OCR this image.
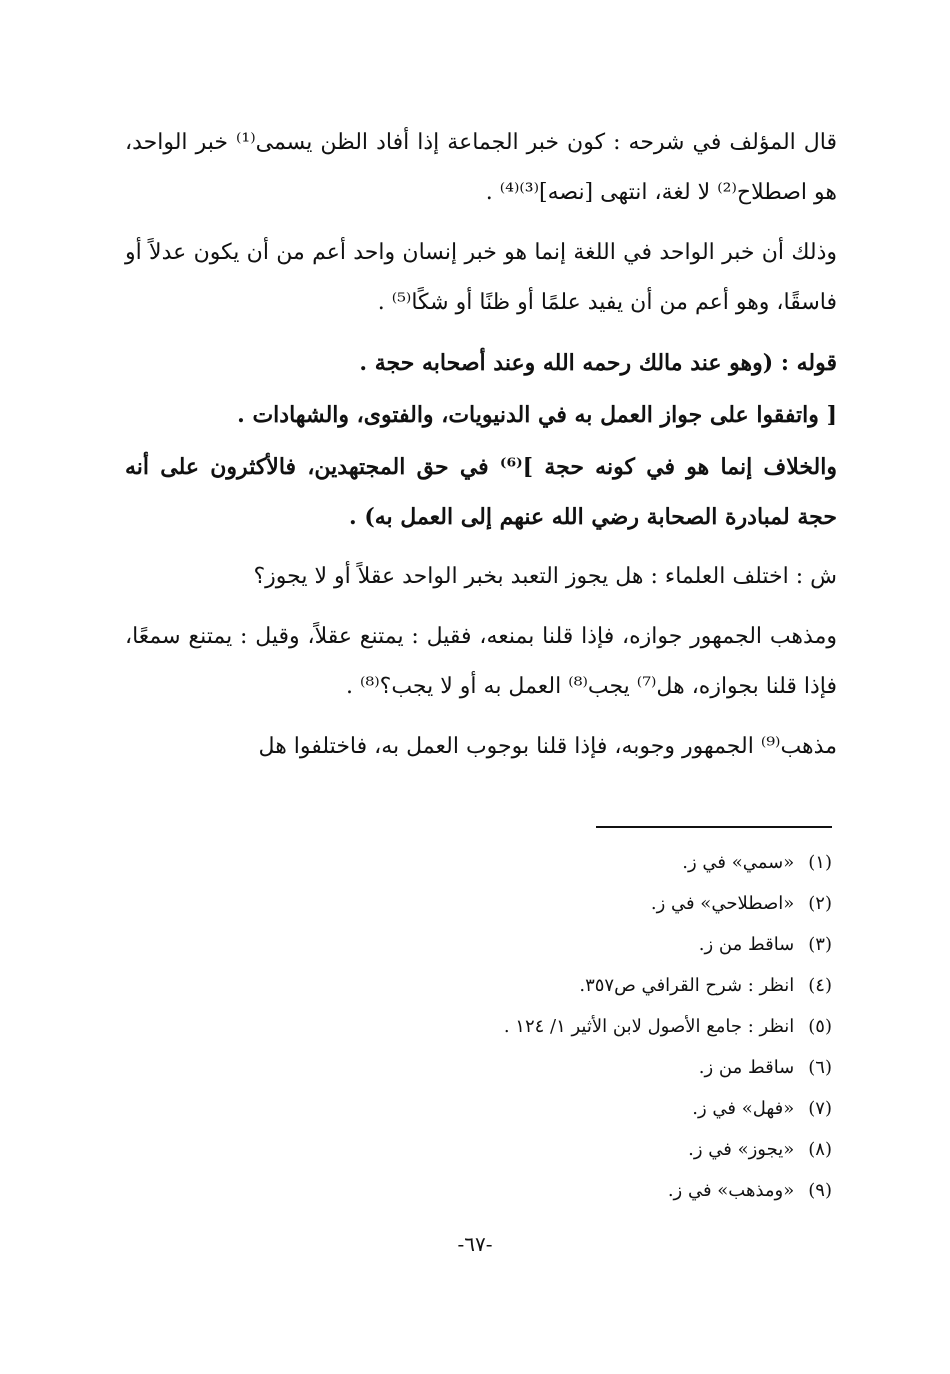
قال المؤلف في شرحه : كون خبر الجماعة إذا أفاد الظن يسمى⁽¹⁾ خبر الواحد، هو اصطلاح⁽²⁾ لا لغة، انتهى [نصه]⁽³⁾⁽⁴⁾ .

وذلك أن خبر الواحد في اللغة إنما هو خبر إنسان واحد أعم من أن يكون عدلاً أو فاسقًا، وهو أعم من أن يفيد علمًا أو ظنًا أو شكًا⁽⁵⁾ .

قوله : (وهو عند مالك رحمه الله وعند أصحابه حجة .

[ واتفقوا على جواز العمل به في الدنيويات، والفتوى، والشهادات .

والخلاف إنما هو في كونه حجة ]⁽⁶⁾ في حق المجتهدين، فالأكثرون على أنه حجة لمبادرة الصحابة رضي الله عنهم إلى العمل به) .

ش : اختلف العلماء : هل يجوز التعبد بخبر الواحد عقلاً أو لا يجوز؟

ومذهب الجمهور جوازه، فإذا قلنا بمنعه، فقيل : يمتنع عقلاً، وقيل : يمتنع سمعًا، فإذا قلنا بجوازه، هل⁽⁷⁾ يجب⁽⁸⁾ العمل به أو لا يجب؟⁽⁸⁾ .

مذهب⁽⁹⁾ الجمهور وجوبه، فإذا قلنا بوجوب العمل به، فاختلفوا هل

(١)«سمي» في ز.
(٢)«اصطلاحي» في ز.
(٣)ساقط من ز.
(٤)انظر : شرح القرافي ص٣٥٧.
(٥)انظر : جامع الأصول لابن الأثير ١/ ١٢٤ .
(٦)ساقط من ز.
(٧)«فهل» في ز.
(٨)«يجوز» في ز.
(٩)«ومذهب» في ز.
-٦٧-
